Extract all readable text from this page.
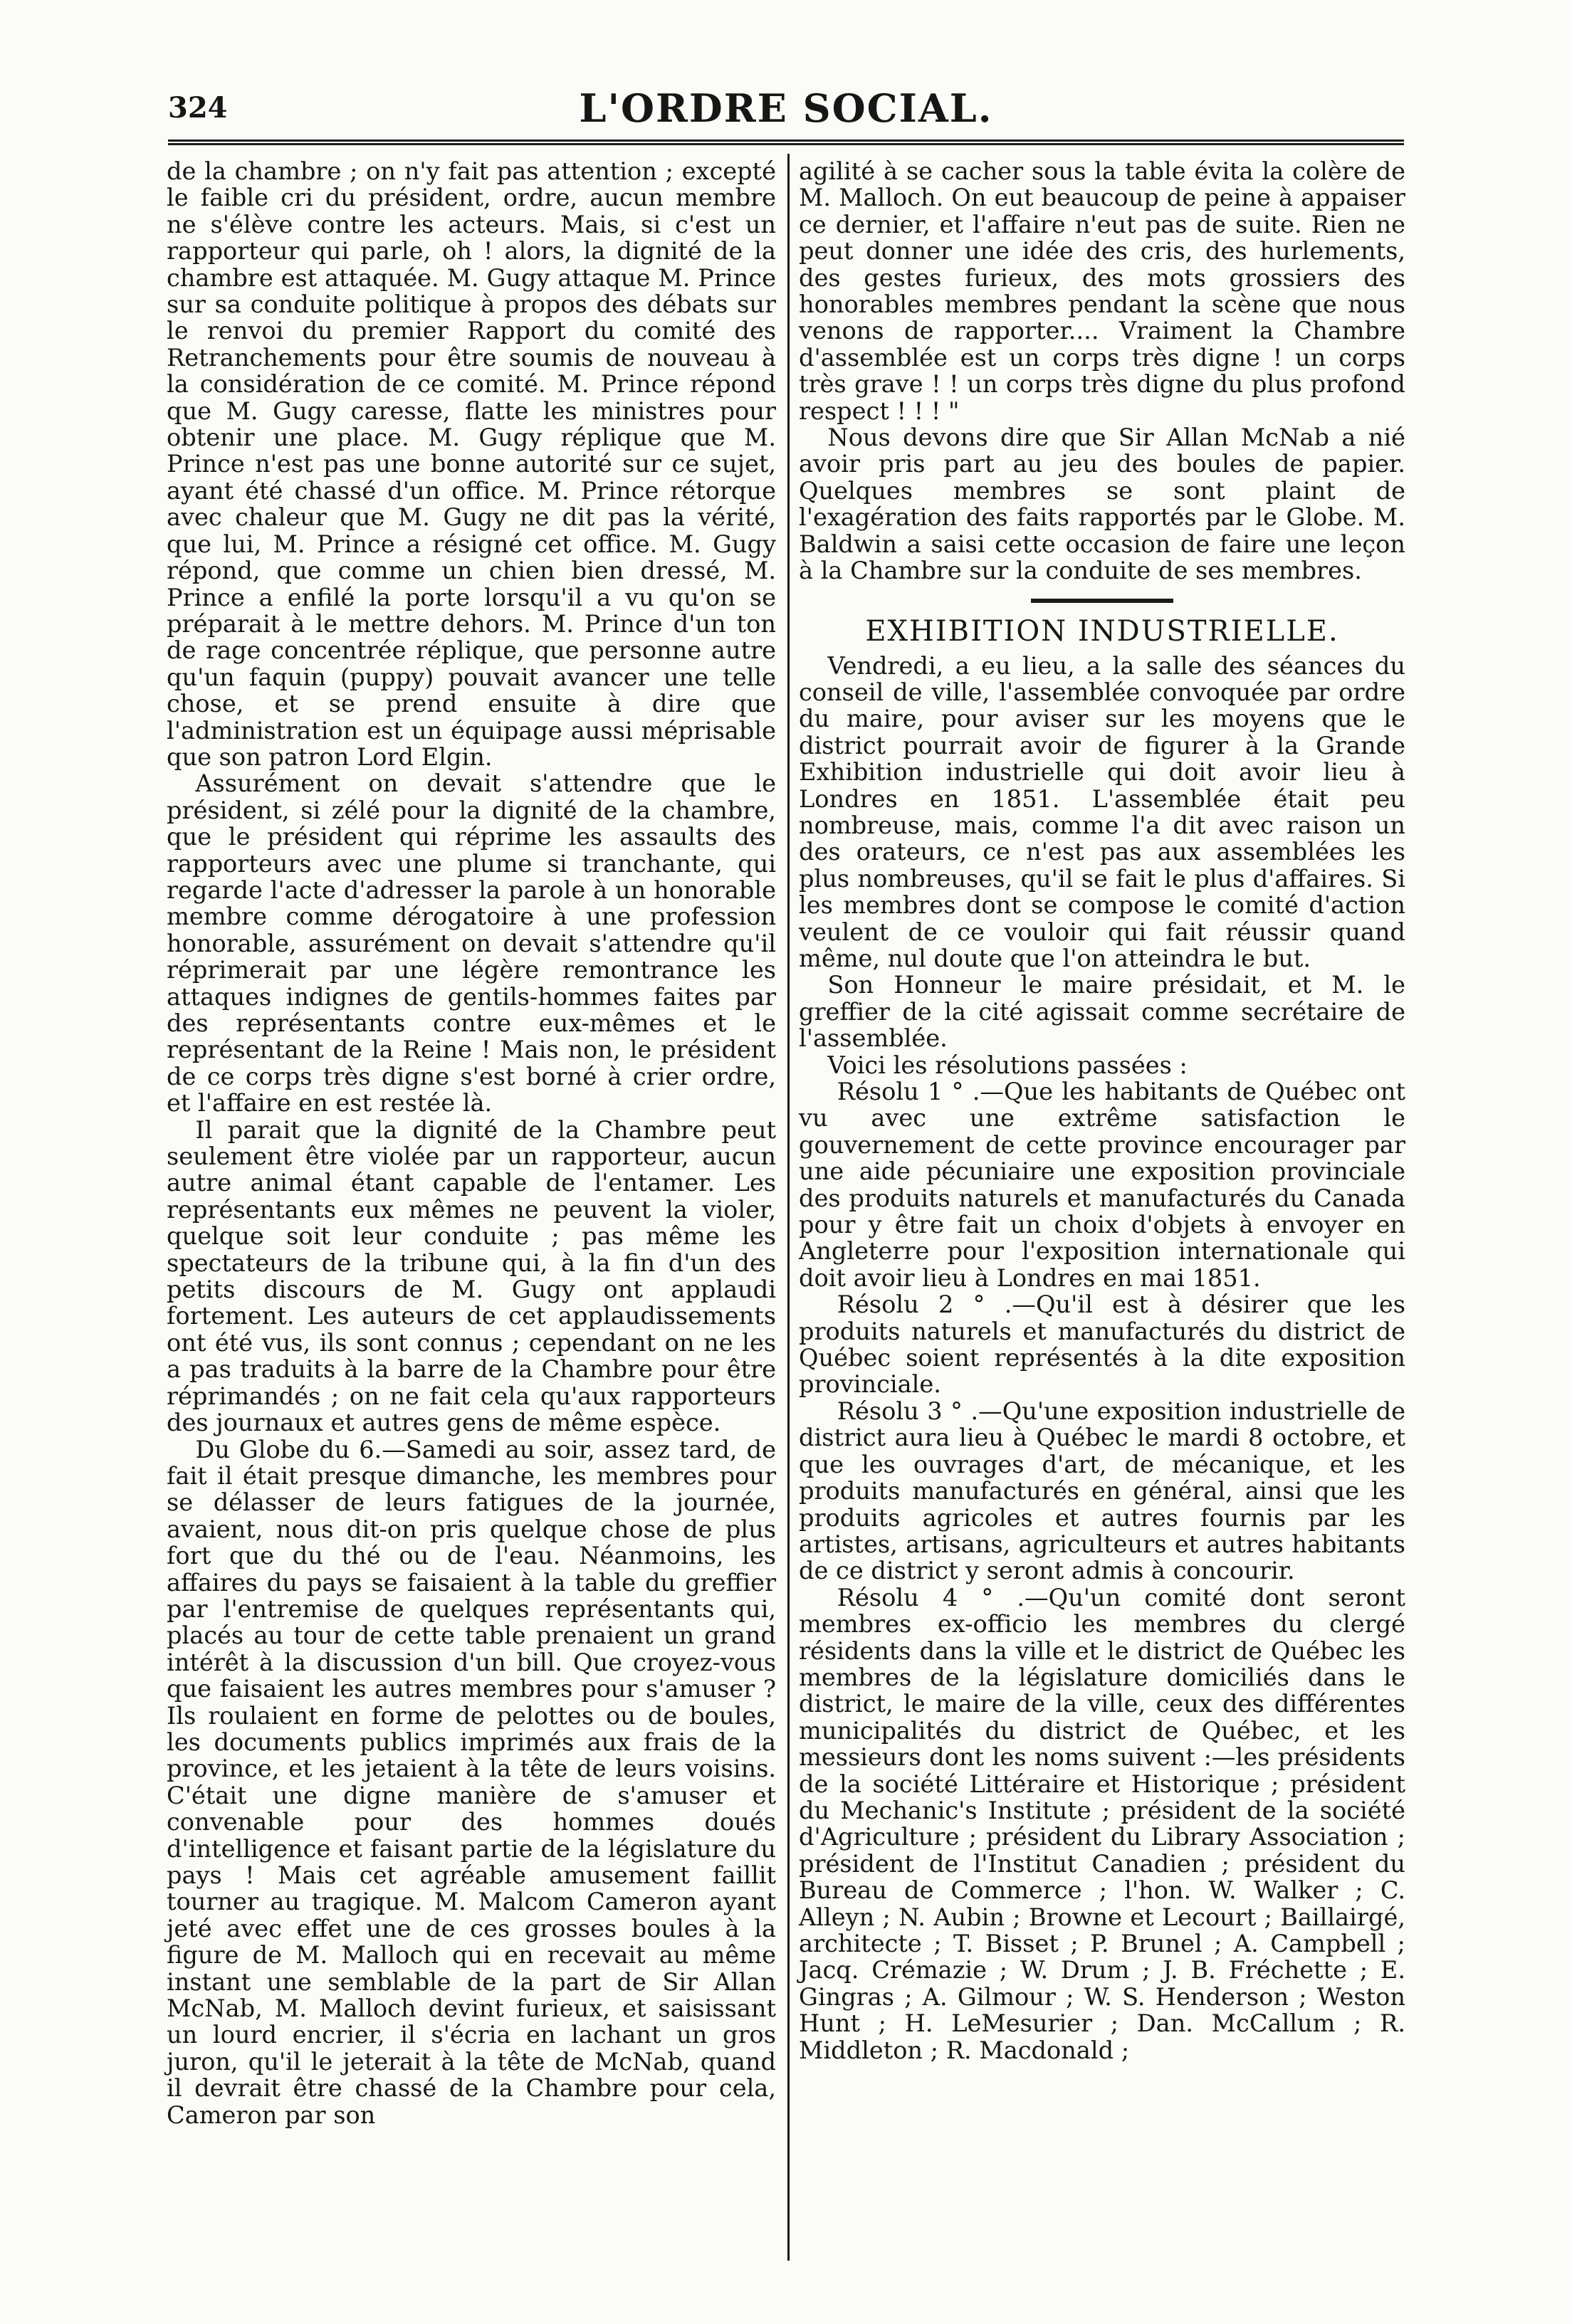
324	L'ORDRE SOCIAL.

de la chambre ; on n'y fait pas attention ; excepté le faible cri du président, ordre, aucun membre ne s'élève contre les acteurs. Mais, si c'est un rapporteur qui parle, oh ! alors, la dignité de la chambre est attaquée. M. Gugy attaque M. Prince sur sa conduite politique à propos des débats sur le renvoi du premier Rapport du comité des Retranchements pour être soumis de nouveau à la considération de ce comité. M. Prince répond que M. Gugy caresse, flatte les ministres pour obtenir une place. M. Gugy réplique que M. Prince n'est pas une bonne autorité sur ce sujet, ayant été chassé d'un office. M. Prince rétorque avec chaleur que M. Gugy ne dit pas la vérité, que lui, M. Prince a résigné cet office. M. Gugy répond, que comme un chien bien dressé, M. Prince a enfilé la porte lorsqu'il a vu qu'on se préparait à le mettre dehors. M. Prince d'un ton de rage concentrée réplique, que personne autre qu'un faquin (puppy) pouvait avancer une telle chose, et se prend ensuite à dire que l'administration est un équipage aussi méprisable que son patron Lord Elgin.

Assurément on devait s'attendre que le président, si zélé pour la dignité de la chambre, que le président qui réprime les assaults des rapporteurs avec une plume si tranchante, qui regarde l'acte d'adresser la parole à un honorable membre comme dérogatoire à une profession honorable, assurément on devait s'attendre qu'il réprimerait par une légère remontrance les attaques indignes de gentils-hommes faites par des représentants contre eux-mêmes et le représentant de la Reine ! Mais non, le président de ce corps très digne s'est borné à crier ordre, et l'affaire en est restée là.

Il parait que la dignité de la Chambre peut seulement être violée par un rapporteur, aucun autre animal étant capable de l'entamer. Les représentants eux mêmes ne peuvent la violer, quelque soit leur conduite ; pas même les spectateurs de la tribune qui, à la fin d'un des petits discours de M. Gugy ont applaudi fortement. Les auteurs de cet applaudissements ont été vus, ils sont connus ; cependant on ne les a pas traduits à la barre de la Chambre pour être réprimandés ; on ne fait cela qu'aux rapporteurs des journaux et autres gens de même espèce.

Du Globe du 6.—Samedi au soir, assez tard, de fait il était presque dimanche, les membres pour se délasser de leurs fatigues de la journée, avaient, nous dit-on pris quelque chose de plus fort que du thé ou de l'eau. Néanmoins, les affaires du pays se faisaient à la table du greffier par l'entremise de quelques représentants qui, placés au tour de cette table prenaient un grand intérêt à la discussion d'un bill. Que croyez-vous que faisaient les autres membres pour s'amuser ? Ils roulaient en forme de pelottes ou de boules, les documents publics imprimés aux frais de la province, et les jetaient à la tête de leurs voisins. C'était une digne manière de s'amuser et convenable pour des hommes doués d'intelligence et faisant partie de la législature du pays ! Mais cet agréable amusement faillit tourner au tragique. M. Malcom Cameron ayant jeté avec effet une de ces grosses boules à la figure de M. Malloch qui en recevait au même instant une semblable de la part de Sir Allan McNab, M. Malloch devint furieux, et saisissant un lourd encrier, il s'écria en lachant un gros juron, qu'il le jeterait à la tête de McNab, quand il devrait être chassé de la Chambre pour cela, Cameron par son

agilité à se cacher sous la table évita la colère de M. Malloch. On eut beaucoup de peine à appaiser ce dernier, et l'affaire n'eut pas de suite. Rien ne peut donner une idée des cris, des hurlements, des gestes furieux, des mots grossiers des honorables membres pendant la scène que nous venons de rapporter.... Vraiment la Chambre d'assemblée est un corps très digne ! un corps très grave ! ! un corps très digne du plus profond respect ! ! ! "

Nous devons dire que Sir Allan McNab a nié avoir pris part au jeu des boules de papier. Quelques membres se sont plaint de l'exagération des faits rapportés par le Globe. M. Baldwin a saisi cette occasion de faire une leçon à la Chambre sur la conduite de ses membres.

EXHIBITION INDUSTRIELLE.

Vendredi, a eu lieu, a la salle des séances du conseil de ville, l'assemblée convoquée par ordre du maire, pour aviser sur les moyens que le district pourrait avoir de figurer à la Grande Exhibition industrielle qui doit avoir lieu à Londres en 1851. L'assemblée était peu nombreuse, mais, comme l'a dit avec raison un des orateurs, ce n'est pas aux assemblées les plus nombreuses, qu'il se fait le plus d'affaires. Si les membres dont se compose le comité d'action veulent de ce vouloir qui fait réussir quand même, nul doute que l'on atteindra le but.

Son Honneur le maire présidait, et M. le greffier de la cité agissait comme secrétaire de l'assemblée.

Voici les résolutions passées :

Résolu 1 ° .—Que les habitants de Québec ont vu avec une extrême satisfaction le gouvernement de cette province encourager par une aide pécuniaire une exposition provinciale des produits naturels et manufacturés du Canada pour y être fait un choix d'objets à envoyer en Angleterre pour l'exposition internationale qui doit avoir lieu à Londres en mai 1851.

Résolu 2 ° .—Qu'il est à désirer que les produits naturels et manufacturés du district de Québec soient représentés à la dite exposition provinciale.

Résolu 3 ° .—Qu'une exposition industrielle de district aura lieu à Québec le mardi 8 octobre, et que les ouvrages d'art, de mécanique, et les produits manufacturés en général, ainsi que les produits agricoles et autres fournis par les artistes, artisans, agriculteurs et autres habitants de ce district y seront admis à concourir.

Résolu 4 ° .—Qu'un comité dont seront membres ex-officio les membres du clergé résidents dans la ville et le district de Québec les membres de la législature domiciliés dans le district, le maire de la ville, ceux des différentes municipalités du district de Québec, et les messieurs dont les noms suivent :—les présidents de la société Littéraire et Historique ; président du Mechanic's Institute ; président de la société d'Agriculture ; président du Library Association ; président de l'Institut Canadien ; président du Bureau de Commerce ; l'hon. W. Walker ; C. Alleyn ; N. Aubin ; Browne et Lecourt ; Baillairgé, architecte ; T. Bisset ; P. Brunel ; A. Campbell ; Jacq. Crémazie ; W. Drum ; J. B. Fréchette ; E. Gingras ; A. Gilmour ; W. S. Henderson ; Weston Hunt ; H. LeMesurier ; Dan. McCallum ; R. Middleton ; R. Macdonald ;
